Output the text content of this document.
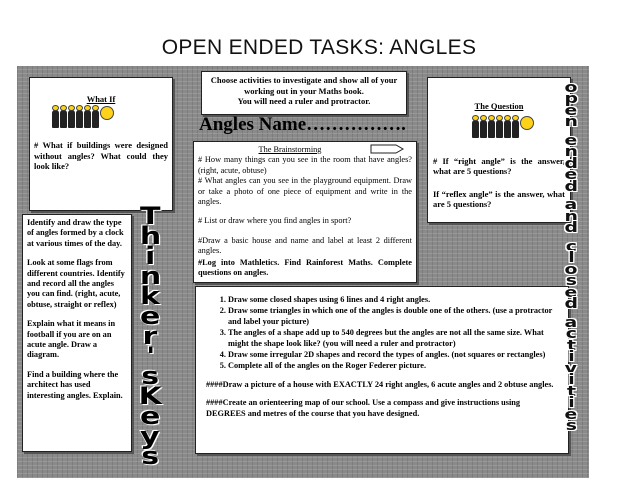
OPEN ENDED TASKS: ANGLES
What If
# What if buildings were designed without angles? What could they look like?
Choose activities to investigate and show all of your working out in your Maths book.
You will need a ruler and protractor.
Angles Name…………….
The Brainstorming

# How many things can you see in the room that have angles? (right, acute, obtuse)
# What angles can you see in the playground equipment. Draw or take a photo of one piece of equipment and write in the angles.

# List or draw where you find angles in sport?

#Draw a basic house and name and label at least 2 different angles.

#Log into Mathletics. Find Rainforest Maths. Complete questions on angles.

The Question

# If “right angle” is the answer, what are 5 questions?

If “reflex angle” is the answer, what are 5 questions?

Identify and draw the type of angles formed by a clock at various times of the day.

Look at some flags from different countries. Identify and record all the angles you can find. (right, acute, obtuse, straight or reflex)

Explain what it means in football if you are on an acute angle. Draw a diagram.

Find a building where the architect has used interesting angles. Explain.

T
h
i
n
k
e
r
'
s
K
e
y
s
1. Draw some closed shapes using 6 lines and 4 right angles.
2. Draw some triangles in which one of the angles is double one of the others. (use a protractor and label your picture)
3. The angles of a shape add up to 540 degrees but the angles are not all the same size. What might the shape look like? (you will need a ruler and protractor)
4. Draw some irregular 2D shapes and record the types of angles. (not squares or rectangles)
5. Complete all of the angles on the Roger Federer picture.

####Draw a picture of a house with EXACTLY 24 right angles, 6 acute angles and 2 obtuse angles.

####Create an orienteering map of our school. Use a compass and give instructions using DEGREES and metres of the course that you have designed.

o
p
e
n
e
n
d
e
d
a
n
d
c
l
o
s
e
d
a
c
t
i
v
i
t
i
e
s
